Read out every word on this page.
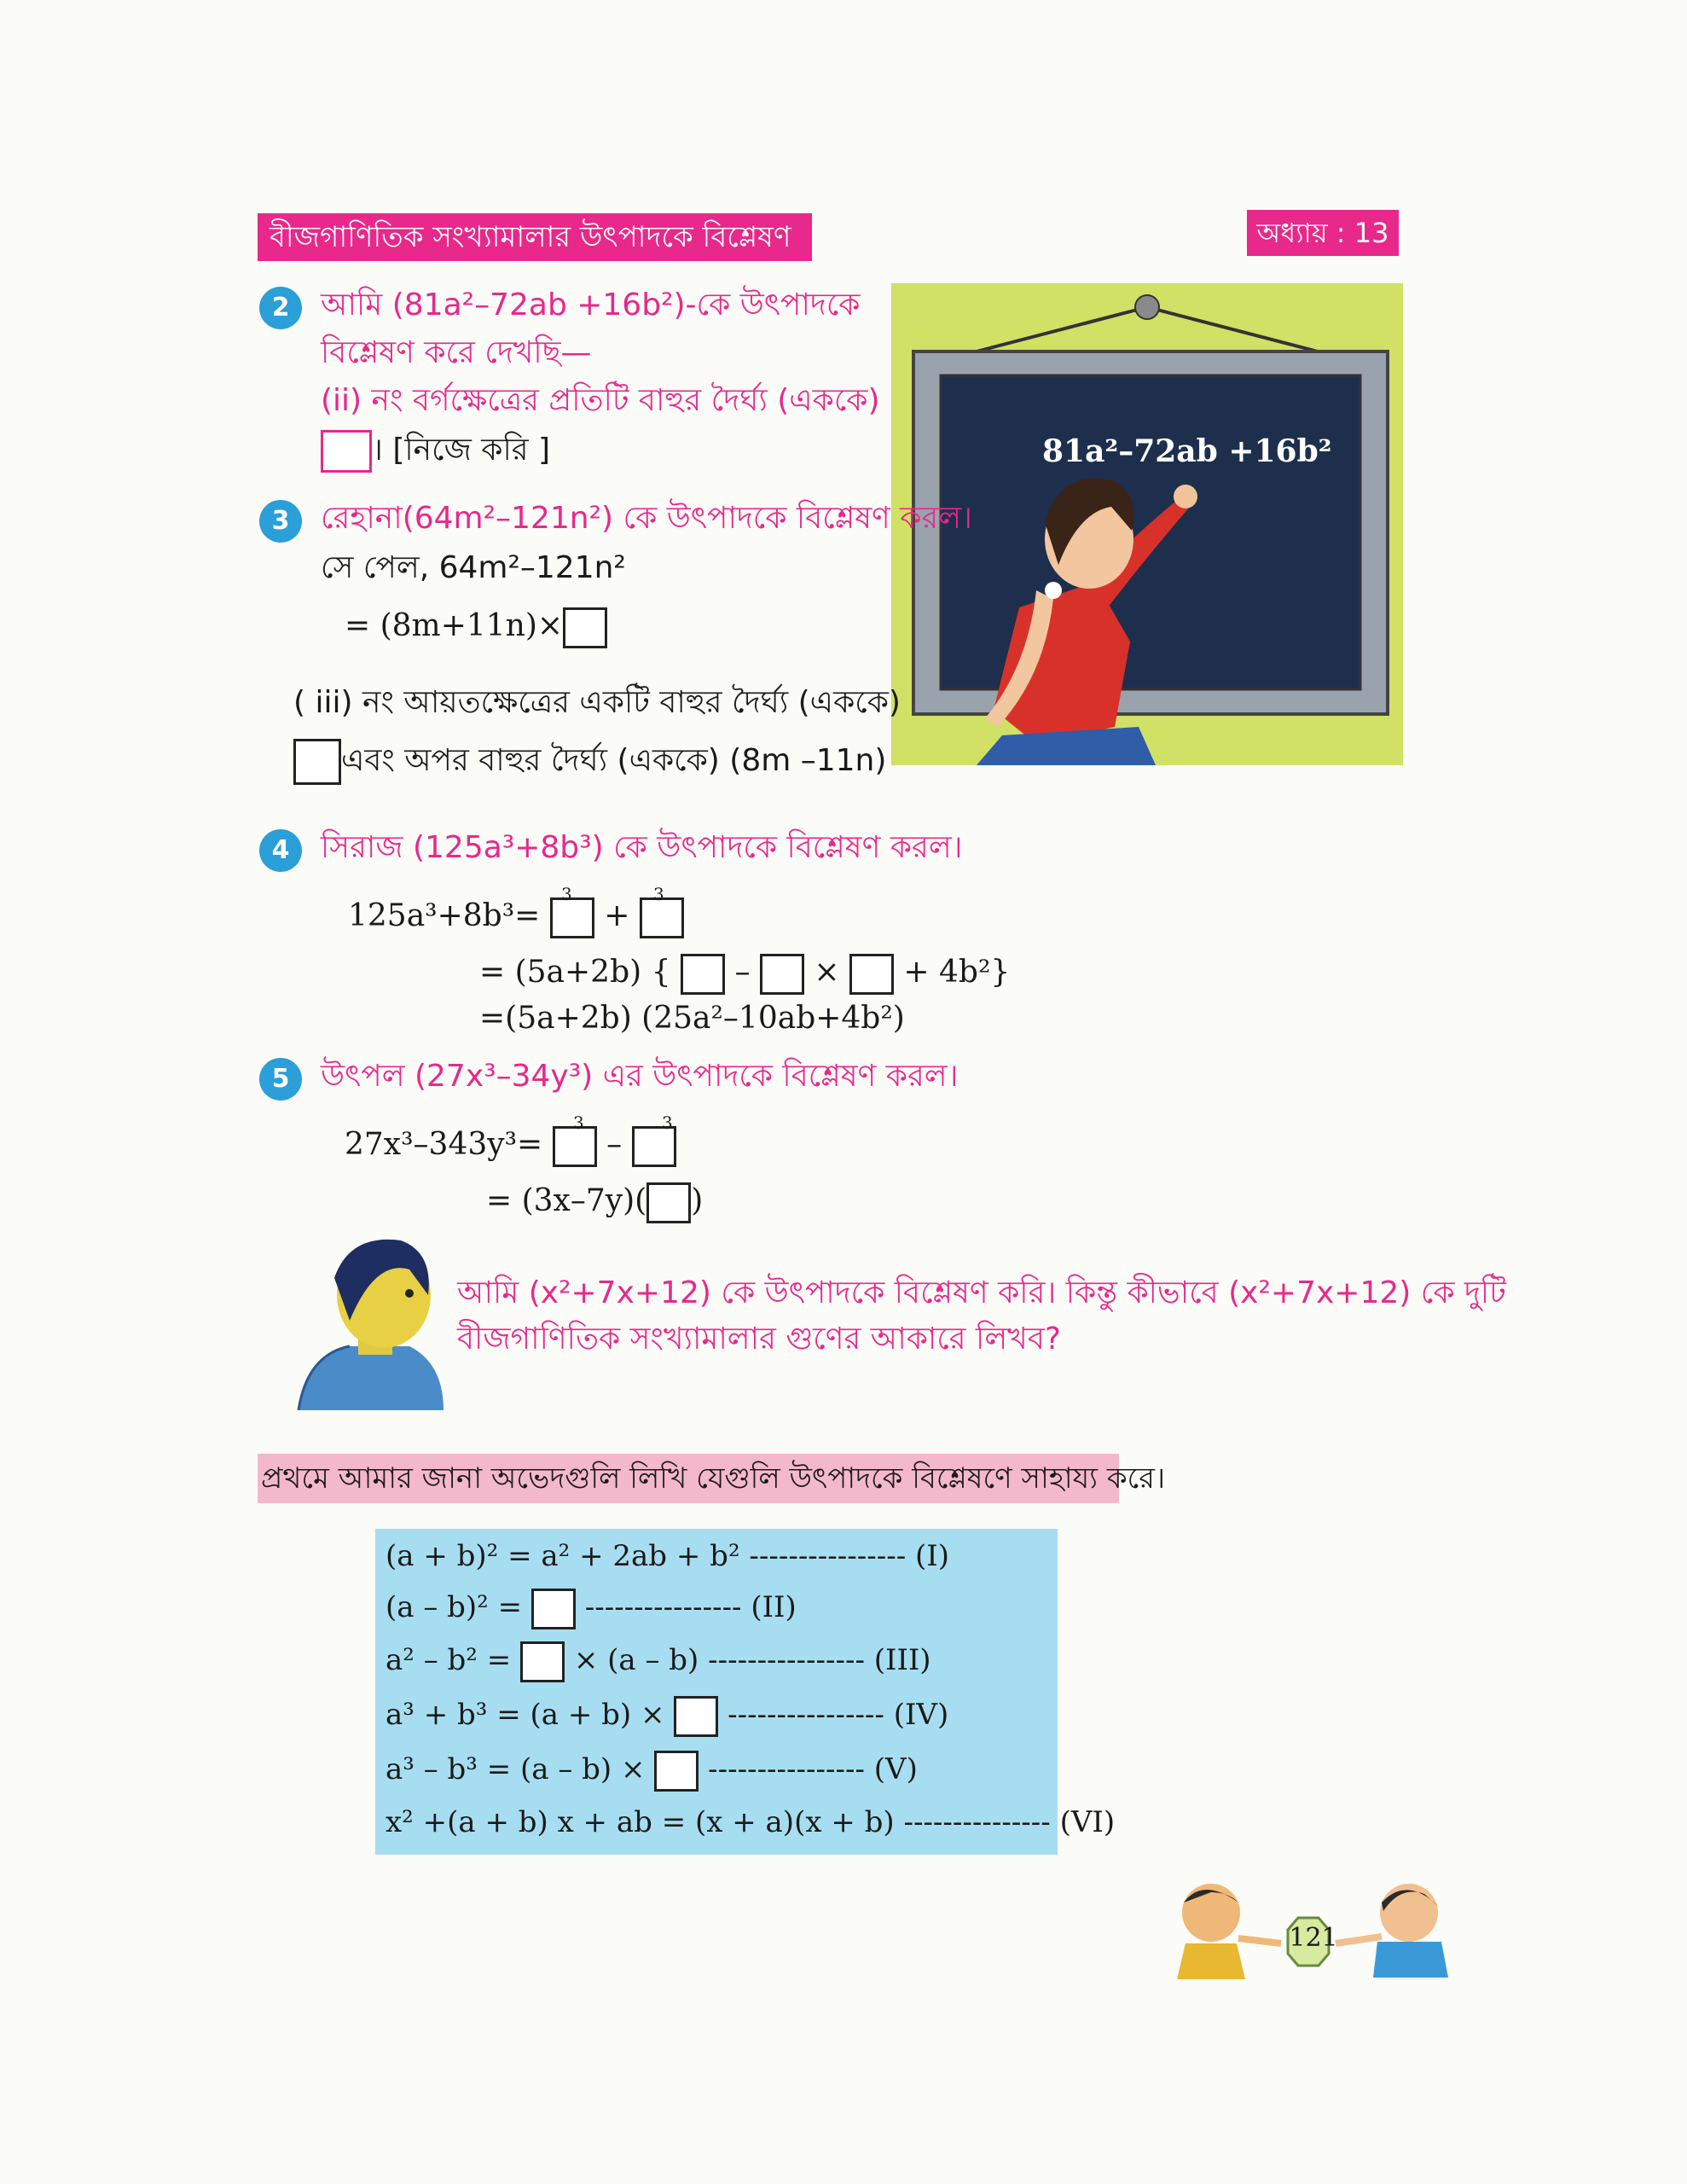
বীজগাণিতিক সংখ্যামালার উৎপাদকে বিশ্লেষণ	অধ্যায় : 13
2	আমি (81a²–72ab +16b²)-কে উৎপাদকে
বিশ্লেষণ করে দেখছি—
(ii) নং বর্গক্ষেত্রের প্রতিটি বাহুর দৈর্ঘ্য (এককে)
। [নিজে করি ]	81a²–72ab +16b²
3	রেহানা(64m²–121n²) কে উৎপাদকে বিশ্লেষণ করল।
সে পেল, 64m²–121n²
= (8m+11n)×
( iii) নং আয়তক্ষেত্রের একটি বাহুর দৈর্ঘ্য (এককে)
এবং অপর বাহুর দৈর্ঘ্য (এককে) (8m –11n)
4	সিরাজ (125a³+8b³) কে উৎপাদকে বিশ্লেষণ করল।
125a³+8b³= +
3	3
= (5a+2b) { – × + 4b²}
=(5a+2b) (25a²–10ab+4b²)
5	উৎপল (27x³–34y³) এর উৎপাদকে বিশ্লেষণ করল।
27x³–343y³= –
3	3
= (3x–7y)( )
আমি (x²+7x+12) কে উৎপাদকে বিশ্লেষণ করি। কিন্তু কীভাবে (x²+7x+12) কে দুটি
বীজগাণিতিক সংখ্যামালার গুণের আকারে লিখব?
প্রথমে আমার জানা অভেদগুলি লিখি যেগুলি উৎপাদকে বিশ্লেষণে সাহায্য করে।
(a + b)² = a² + 2ab + b² ---------------- (I)
(a – b)² = ---------------- (II)
a² – b² = × (a – b) ---------------- (III)
a³ + b³ = (a + b) × ---------------- (IV)
a³ – b³ = (a – b) × ---------------- (V)
x² +(a + b) x + ab = (x + a)(x + b) --------------- (VI)
121
